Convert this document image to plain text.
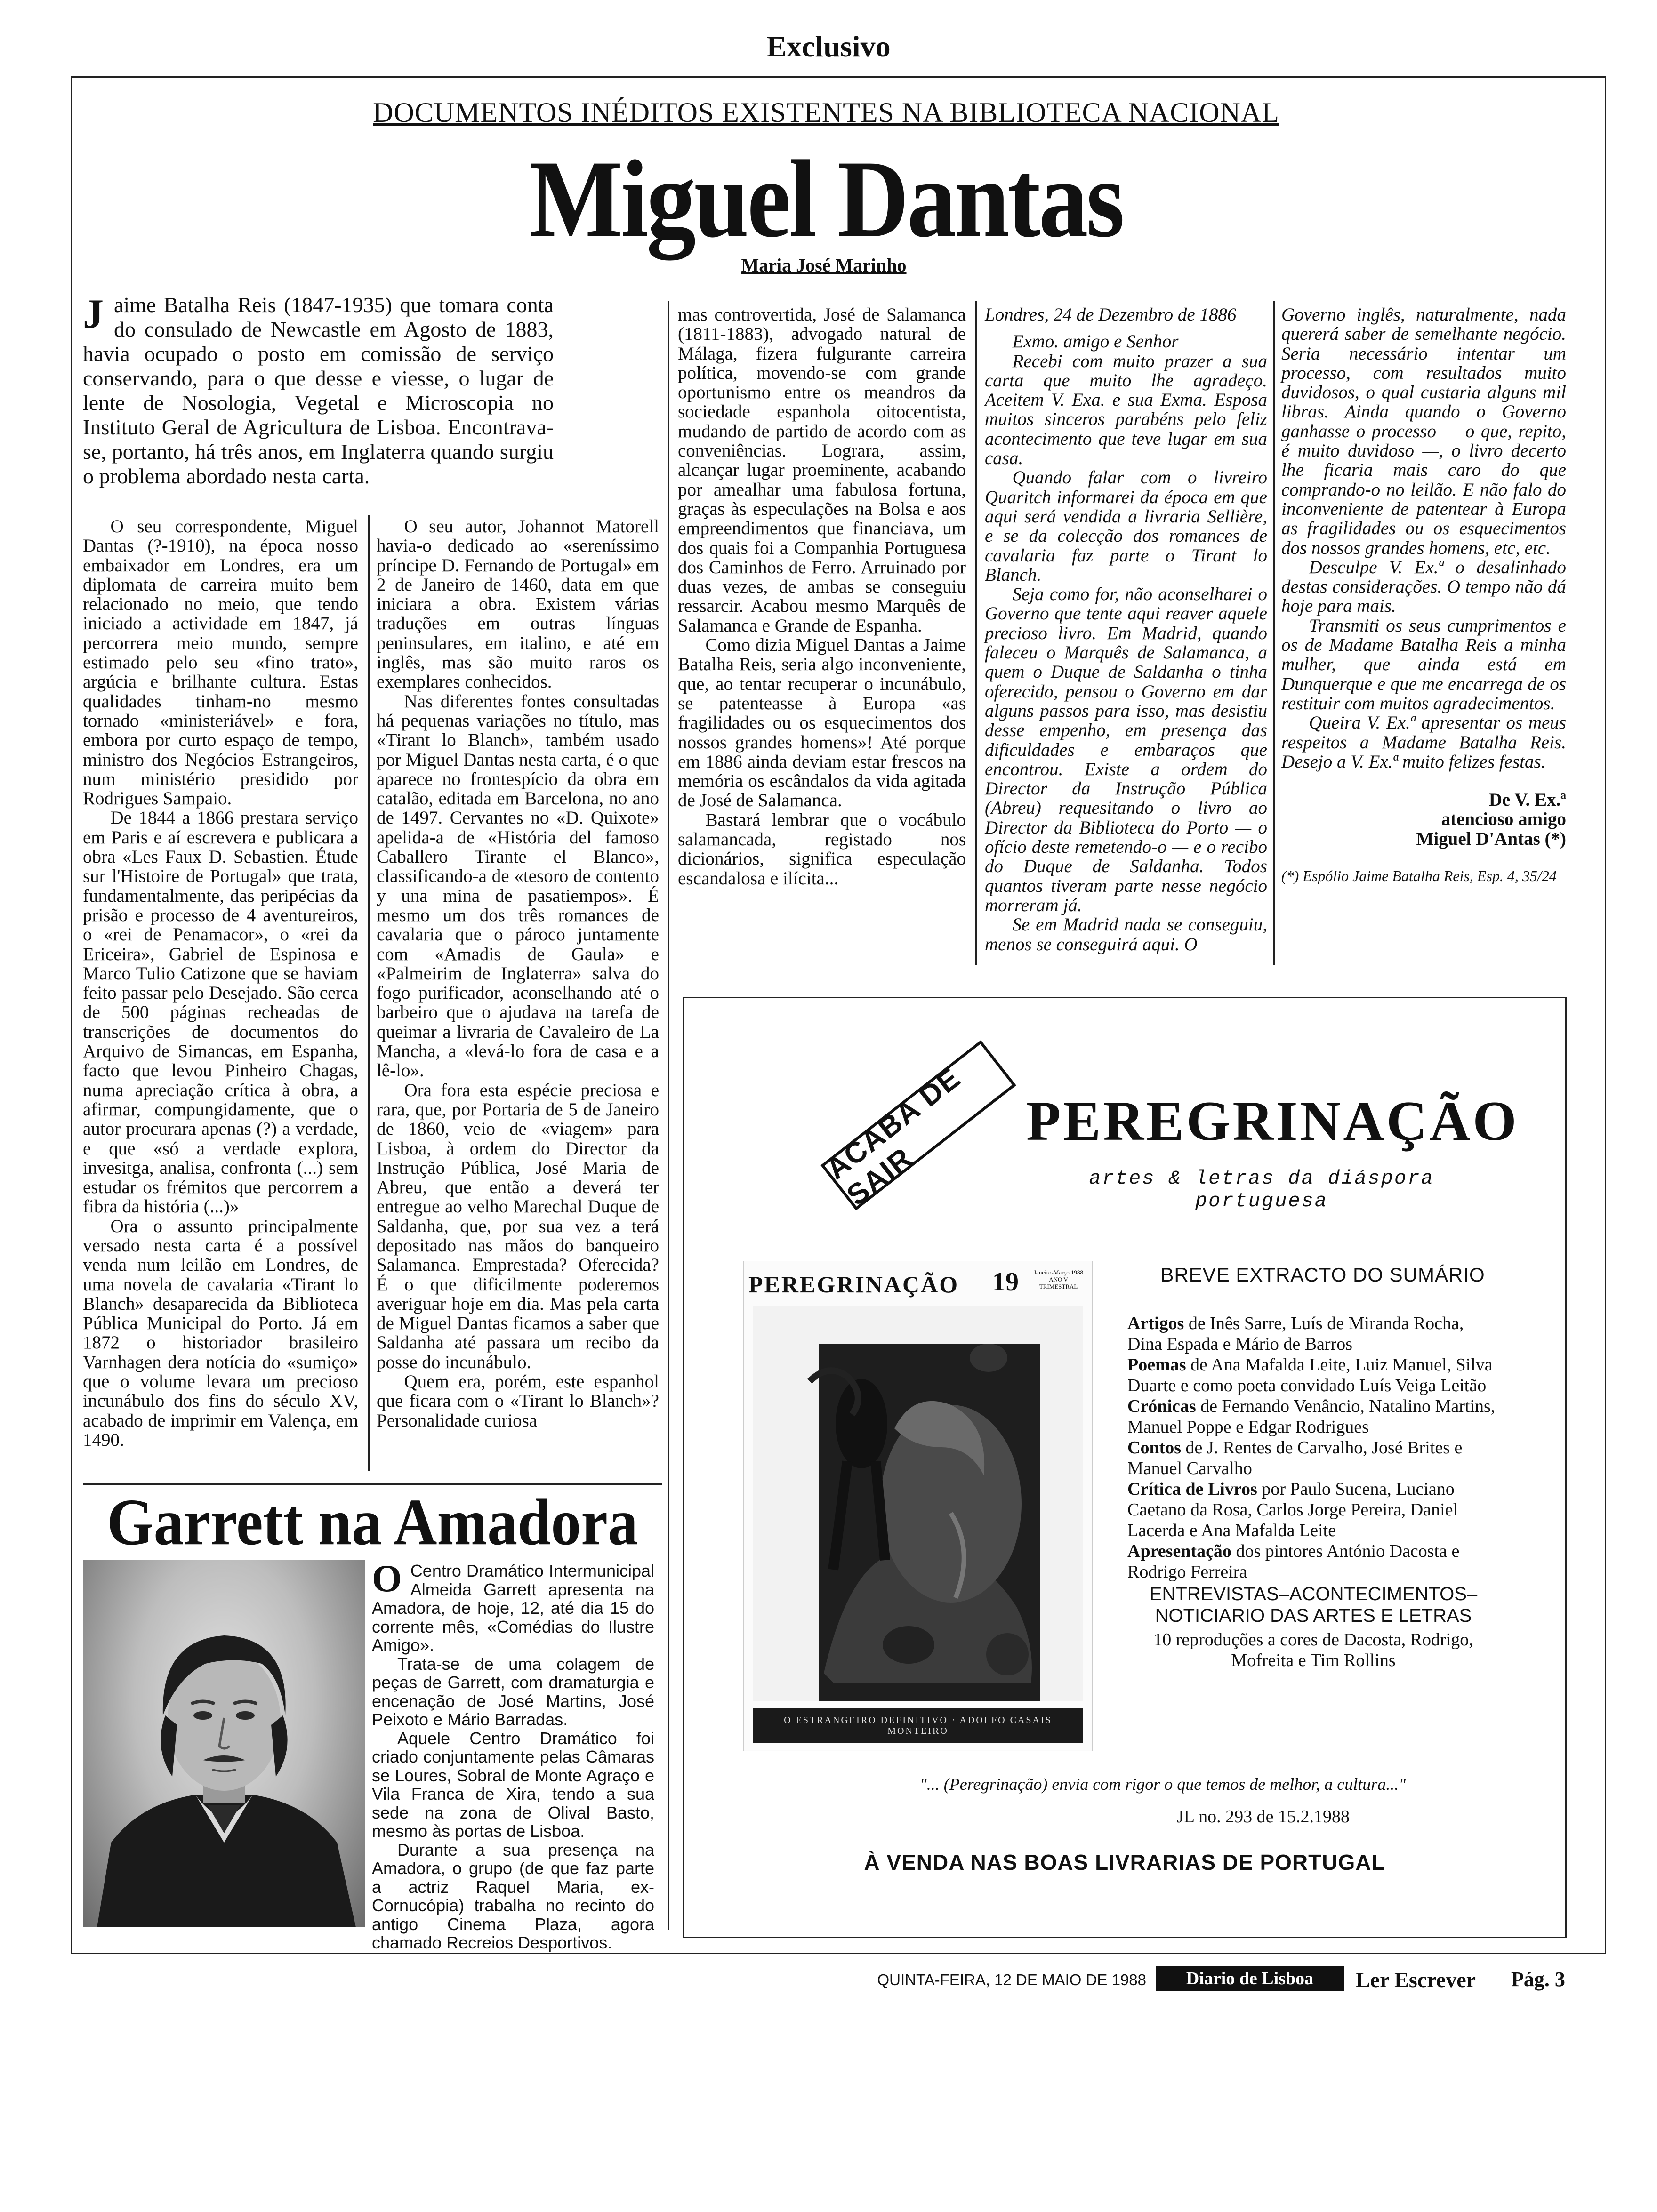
Exclusivo
DOCUMENTOS INÉDITOS EXISTENTES NA BIBLIOTECA NACIONAL
Miguel Dantas
Maria José Marinho
Jaime Batalha Reis (1847-1935) que tomara conta do consulado de Newcastle em Agosto de 1883, havia ocupado o posto em comissão de serviço conservando, para o que desse e viesse, o lugar de lente de Nosologia, Vegetal e Microscopia no Instituto Geral de Agricultura de Lisboa. Encontrava-se, portanto, há três anos, em Inglaterra quando surgiu o problema abordado nesta carta.

O seu correspondente, Miguel Dantas (?-1910), na época nosso embaixador em Londres, era um diplomata de carreira muito bem relacionado no meio, que tendo iniciado a actividade em 1847, já percorrera meio mundo, sempre estimado pelo seu «fino trato», argúcia e brilhante cultura. Estas qualidades tinham-no mesmo tornado «ministeriável» e fora, embora por curto espaço de tempo, ministro dos Negócios Estrangeiros, num ministério presidido por Rodrigues Sampaio.

De 1844 a 1866 prestara serviço em Paris e aí escrevera e publicara a obra «Les Faux D. Sebastien. Étude sur l'Histoire de Portugal» que trata, fundamentalmente, das peripécias da prisão e processo de 4 aventureiros, o «rei de Penamacor», o «rei da Ericeira», Gabriel de Espinosa e Marco Tulio Catizone que se haviam feito passar pelo Desejado. São cerca de 500 páginas recheadas de transcrições de documentos do Arquivo de Simancas, em Espanha, facto que levou Pinheiro Chagas, numa apreciação crítica à obra, a afirmar, compungidamente, que o autor procurara apenas (?) a verdade, e que «só a verdade explora, invesitga, analisa, confronta (...) sem estudar os frémitos que percorrem a fibra da história (...)»

Ora o assunto principalmente versado nesta carta é a possível venda num leilão em Londres, de uma novela de cavalaria «Tirant lo Blanch» desaparecida da Biblioteca Pública Municipal do Porto. Já em 1872 o historiador brasileiro Varnhagen dera notícia do «sumiço» que o volume levara um precioso incunábulo dos fins do século XV, acabado de imprimir em Valença, em 1490.

O seu autor, Johannot Matorell havia-o dedicado ao «sereníssimo príncipe D. Fernando de Portugal» em 2 de Janeiro de 1460, data em que iniciara a obra. Existem várias traduções em outras línguas peninsulares, em italino, e até em inglês, mas são muito raros os exemplares conhecidos.

Nas diferentes fontes consultadas há pequenas variações no título, mas «Tirant lo Blanch», também usado por Miguel Dantas nesta carta, é o que aparece no frontespício da obra em catalão, editada em Barcelona, no ano de 1497. Cervantes no «D. Quixote» apelida-a de «História del famoso Caballero Tirante el Blanco», classificando-a de «tesoro de contento y una mina de pasatiempos». É mesmo um dos três romances de cavalaria que o pároco juntamente com «Amadis de Gaula» e «Palmeirim de Inglaterra» salva do fogo purificador, aconselhando até o barbeiro que o ajudava na tarefa de queimar a livraria de Cavaleiro de La Mancha, a «levá-lo fora de casa e a lê-lo».

Ora fora esta espécie preciosa e rara, que, por Portaria de 5 de Janeiro de 1860, veio de «viagem» para Lisboa, à ordem do Director da Instrução Pública, José Maria de Abreu, que então a deverá ter entregue ao velho Marechal Duque de Saldanha, que, por sua vez a terá depositado nas mãos do banqueiro Salamanca. Emprestada? Oferecida? É o que dificilmente poderemos averiguar hoje em dia. Mas pela carta de Miguel Dantas ficamos a saber que Saldanha até passara um recibo da posse do incunábulo.

Quem era, porém, este espanhol que ficara com o «Tirant lo Blanch»? Personalidade curiosa

mas controvertida, José de Salamanca (1811-1883), advogado natural de Málaga, fizera fulgurante carreira política, movendo-se com grande oportunismo entre os meandros da sociedade espanhola oitocentista, mudando de partido de acordo com as conveniências. Lograra, assim, alcançar lugar proeminente, acabando por amealhar uma fabulosa fortuna, graças às especulações na Bolsa e aos empreendimentos que financiava, um dos quais foi a Companhia Portuguesa dos Caminhos de Ferro. Arruinado por duas vezes, de ambas se conseguiu ressarcir. Acabou mesmo Marquês de Salamanca e Grande de Espanha.

Como dizia Miguel Dantas a Jaime Batalha Reis, seria algo inconveniente, que, ao tentar recuperar o incunábulo, se patenteasse à Europa «as fragilidades ou os esquecimentos dos nossos grandes homens»! Até porque em 1886 ainda deviam estar frescos na memória os escândalos da vida agitada de José de Salamanca.

Bastará lembrar que o vocábulo salamancada, registado nos dicionários, significa especulação escandalosa e ilícita...

Londres, 24 de Dezembro de 1886

Exmo. amigo e Senhor

Recebi com muito prazer a sua carta que muito lhe agradeço. Aceitem V. Exa. e sua Exma. Esposa muitos sinceros parabéns pelo feliz acontecimento que teve lugar em sua casa.

Quando falar com o livreiro Quaritch informarei da época em que aqui será vendida a livraria Sellière, e se da colecção dos romances de cavalaria faz parte o Tirant lo Blanch.

Seja como for, não aconselharei o Governo que tente aqui reaver aquele precioso livro. Em Madrid, quando faleceu o Marquês de Salamanca, a quem o Duque de Saldanha o tinha oferecido, pensou o Governo em dar alguns passos para isso, mas desistiu desse empenho, em presença das dificuldades e embaraços que encontrou. Existe a ordem do Director da Instrução Pública (Abreu) requesitando o livro ao Director da Biblioteca do Porto — o ofício deste remetendo-o — e o recibo do Duque de Saldanha. Todos quantos tiveram parte nesse negócio morreram já.

Se em Madrid nada se conseguiu, menos se conseguirá aqui. O

Governo inglês, naturalmente, nada quererá saber de semelhante negócio. Seria necessário intentar um processo, com resultados muito duvidosos, o qual custaria alguns mil libras. Ainda quando o Governo ganhasse o processo — o que, repito, é muito duvidoso —, o livro decerto lhe ficaria mais caro do que comprando-o no leilão. E não falo do inconveniente de patentear à Europa as fragilidades ou os esquecimentos dos nossos grandes homens, etc, etc.

Desculpe V. Ex.ª o desalinhado destas considerações. O tempo não dá hoje para mais.

Transmiti os seus cumprimentos e os de Madame Batalha Reis a minha mulher, que ainda está em Dunquerque e que me encarrega de os restituir com muitos agradecimentos.

Queira V. Ex.ª apresentar os meus respeitos a Madame Batalha Reis. Desejo a V. Ex.ª muito felizes festas.

De V. Ex.ª
atencioso amigo
Miguel D'Antas (*)
(*) Espólio Jaime Batalha Reis, Esp. 4, 35/24
Garrett na Amadora

O Centro Dramático Intermunicipal Almeida Garrett apresenta na Amadora, de hoje, 12, até dia 15 do corrente mês, «Comédias do Ilustre Amigo».

Trata-se de uma colagem de peças de Garrett, com dramaturgia e encenação de José Martins, José Peixoto e Mário Barradas.

Aquele Centro Dramático foi criado conjuntamente pelas Câmaras se Loures, Sobral de Monte Agraço e Vila Franca de Xira, tendo a sua sede na zona de Olival Basto, mesmo às portas de Lisboa.

Durante a sua presença na Amadora, o grupo (de que faz parte a actriz Raquel Maria, ex-Cornucópia) trabalha no recinto do antigo Cinema Plaza, agora chamado Recreios Desportivos.

ACABA DE SAIR
PEREGRINAÇÃO
artes & letras da diáspora portuguesa
PEREGRINAÇÃO 19 Janeiro-Março 1988
ANO V
TRIMESTRAL
O ESTRANGEIRO DEFINITIVO · ADOLFO CASAIS MONTEIRO
BREVE EXTRACTO DO SUMÁRIO

Artigos de Inês Sarre, Luís de Miranda Rocha, Dina Espada e Mário de Barros

Poemas de Ana Mafalda Leite, Luiz Manuel, Silva Duarte e como poeta convidado Luís Veiga Leitão

Crónicas de Fernando Venâncio, Natalino Martins, Manuel Poppe e Edgar Rodrigues

Contos de J. Rentes de Carvalho, José Brites e Manuel Carvalho

Crítica de Livros por Paulo Sucena, Luciano Caetano da Rosa, Carlos Jorge Pereira, Daniel Lacerda e Ana Mafalda Leite

Apresentação dos pintores António Dacosta e Rodrigo Ferreira

ENTREVISTAS–ACONTECIMENTOS–
NOTICIARIO DAS ARTES E LETRAS

10 reproduções a cores de Dacosta, Rodrigo, Mofreita e Tim Rollins

"... (Peregrinação) envia com rigor o que temos de melhor, a cultura..."
JL no. 293 de 15.2.1988
À VENDA NAS BOAS LIVRARIAS DE PORTUGAL
QUINTA-FEIRA, 12 DE MAIO DE 1988	Diario de Lisboa	Ler Escrever	Pág. 3
